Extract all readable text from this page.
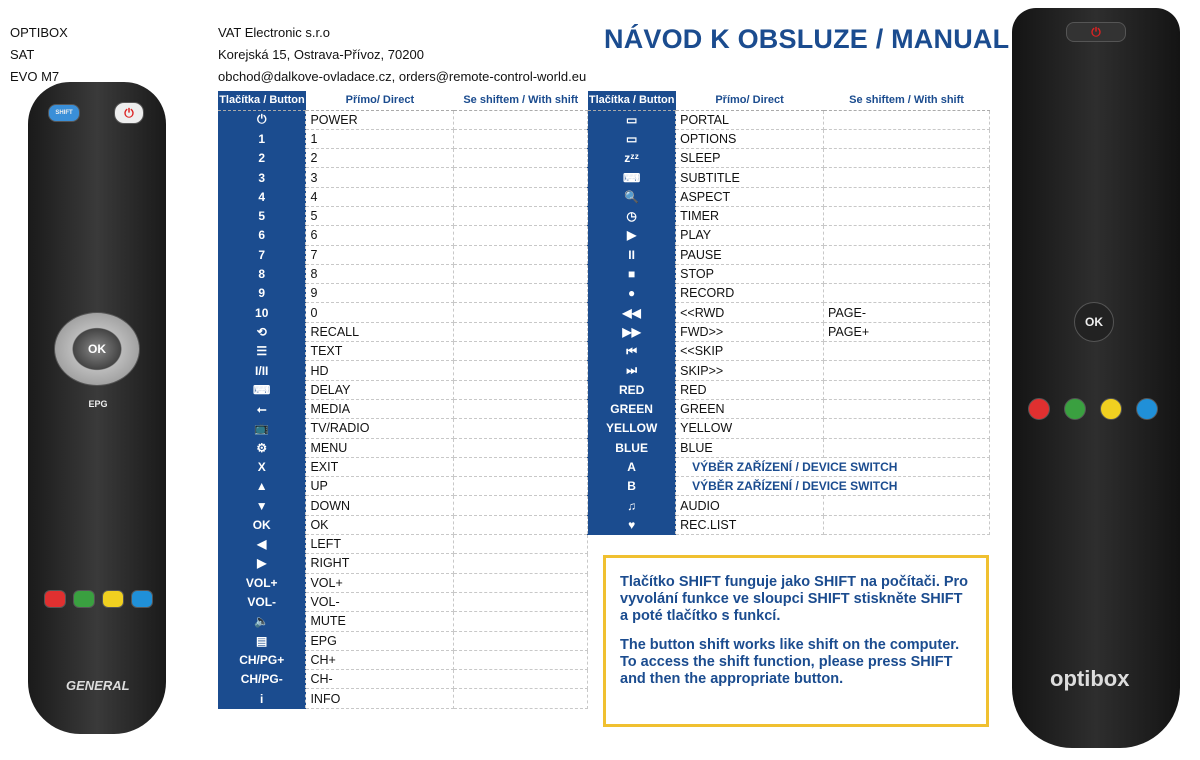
OPTIBOX
SAT
EVO M7
VAT Electronic s.r.o
Korejská 15, Ostrava-Přívoz, 70200
obchod@dalkove-ovladace.cz, orders@remote-control-world.eu
NÁVOD K OBSLUZE / MANUAL
SHIFT	⏻
OK
EPG
GENERAL
⏻
OK
optibox
Tlačítka / Button	Přímo/ Direct	Se shiftem / With shift	Tlačítka / Button	Přímo/ Direct	Se shiftem / With shift
⏻	POWER		▭	PORTAL	
1	1		▭	OPTIONS	
2	2		zᶻᶻ	SLEEP	
3	3		⌨	SUBTITLE	
4	4		🔍	ASPECT	
5	5		◷	TIMER	
6	6		▶	PLAY	
7	7		II	PAUSE	
8	8		■	STOP	
9	9		●	RECORD	
10	0		◀◀	<<RWD	PAGE-
⟲	RECALL		▶▶	FWD>>	PAGE+
☰	TEXT		⏮	<<SKIP	
I/II	HD		⏭	SKIP>>	
⌨	DELAY		RED	RED	
⭠	MEDIA		GREEN	GREEN	
📺	TV/RADIO		YELLOW	YELLOW	
⚙	MENU		BLUE	BLUE	
X	EXIT		A	VÝBĚR ZAŘÍZENÍ / DEVICE SWITCH	
▲	UP		B	VÝBĚR ZAŘÍZENÍ / DEVICE SWITCH	
▼	DOWN		♫	AUDIO	
OK	OK		♥	REC.LIST	
◀	LEFT				
▶	RIGHT				
VOL+	VOL+				
VOL-	VOL-				
🔈	MUTE				
▤	EPG				
CH/PG+	CH+				
CH/PG-	CH-				
i	INFO				

Tlačítko SHIFT funguje jako SHIFT na počítači. Pro vyvolání funkce ve sloupci SHIFT stiskněte SHIFT a poté tlačítko s funkcí.

The button shift works like shift on the computer. To access the shift function, please press SHIFT and then the appropriate button.
